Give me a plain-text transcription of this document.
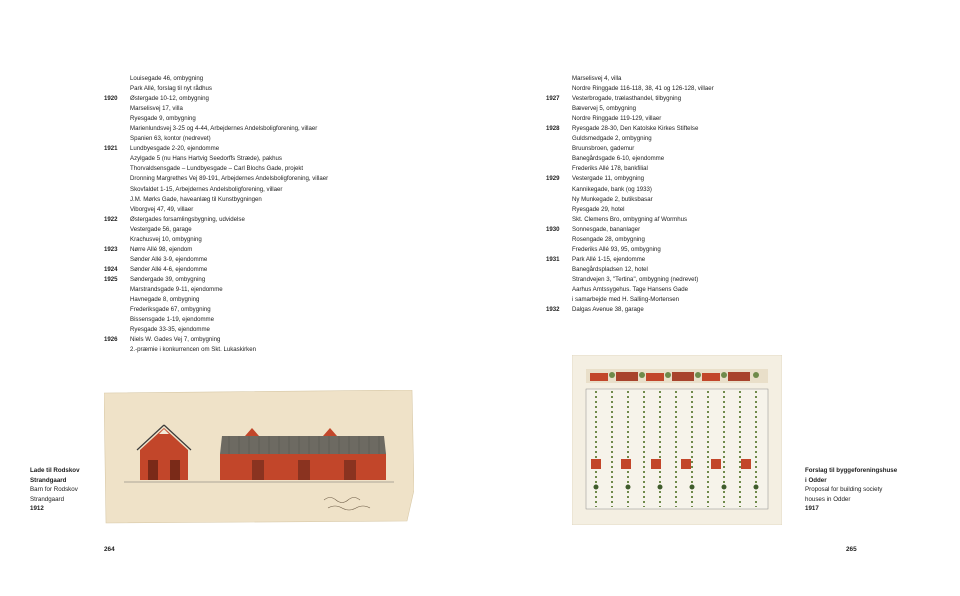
Louisegade 46, ombygning
Park Allé, forslag til nyt rådhus
1920	Østergade 10-12, ombygning
Marselisvej 17, villa
Ryesgade 9, ombygning
Marienlundsvej 3-25 og 4-44, Arbejdernes Andelsboligforening, villaer
Spanien 63, kontor (nedrevet)
1921	Lundbyesgade 2-20, ejendomme
Azylgade 5 (nu Hans Hartvig Seedorffs Stræde), pakhus
Thorvaldsensgade – Lundbyesgade – Carl Blochs Gade, projekt
Dronning Margrethes Vej 89-191, Arbejdernes Andelsboligforening, villaer
Skovfaldet 1-15, Arbejdernes Andelsboligforening, villaer
J.M. Mørks Gade, haveanlæg til Kunstbygningen
Viborgvej 47, 49, villaer
1922	Østergades forsamlingsbygning, udvidelse
Vestergade 56, garage
Krachusvej 10, ombygning
1923	Nørre Allé 98, ejendom
Sønder Allé 3-9, ejendomme
1924	Sønder Allé 4-6, ejendomme
1925	Søndergade 39, ombygning
Marstrandsgade 9-11, ejendomme
Havnegade 8, ombygning
Frederiksgade 67, ombygning
Bissensgade 1-19, ejendomme
Ryesgade 33-35, ejendomme
1926	Niels W. Gades Vej 7, ombygning
2.-præmie i konkurrencen om Skt. Lukaskirken
Marselisvej 4, villa
Nordre Ringgade 116-118, 38, 41 og 126-128, villaer
1927	Vesterbrogade, trælasthandel, tilbygning
Bævervej 5, ombygning
Nordre Ringgade 119-129, villaer
1928	Ryesgade 28-30, Den Katolske Kirkes Stiftelse
Guldsmedgade 2, ombygning
Bruunsbroen, gademur
Banegårdsgade 6-10, ejendomme
Frederiks Allé 178, bankfilial
1929	Vestergade 11, ombygning
Kannikegade, bank (og 1933)
Ny Munkegade 2, butiksbasar
Ryesgade 29, hotel
Skt. Clemens Bro, ombygning af Wormhus
1930	Sonnesgade, bananlager
Rosengade 28, ombygning
Frederiks Allé 93, 95, ombygning
1931	Park Allé 1-15, ejendomme
Banegårdspladsen 12, hotel
Strandvejen 3, "Tertina", ombygning (nedrevet)
Aarhus Amtssygehus. Tage Hansens Gade
i samarbejde med H. Salling-Mortensen
1932	Dalgas Avenue 38, garage
Lade til Rodskov
Strandgaard
Barn for Rodskov
Strandgaard
1912
Forslag til byggeforeningshuse
i Odder
Proposal for building society
houses in Odder
1917
264	265
